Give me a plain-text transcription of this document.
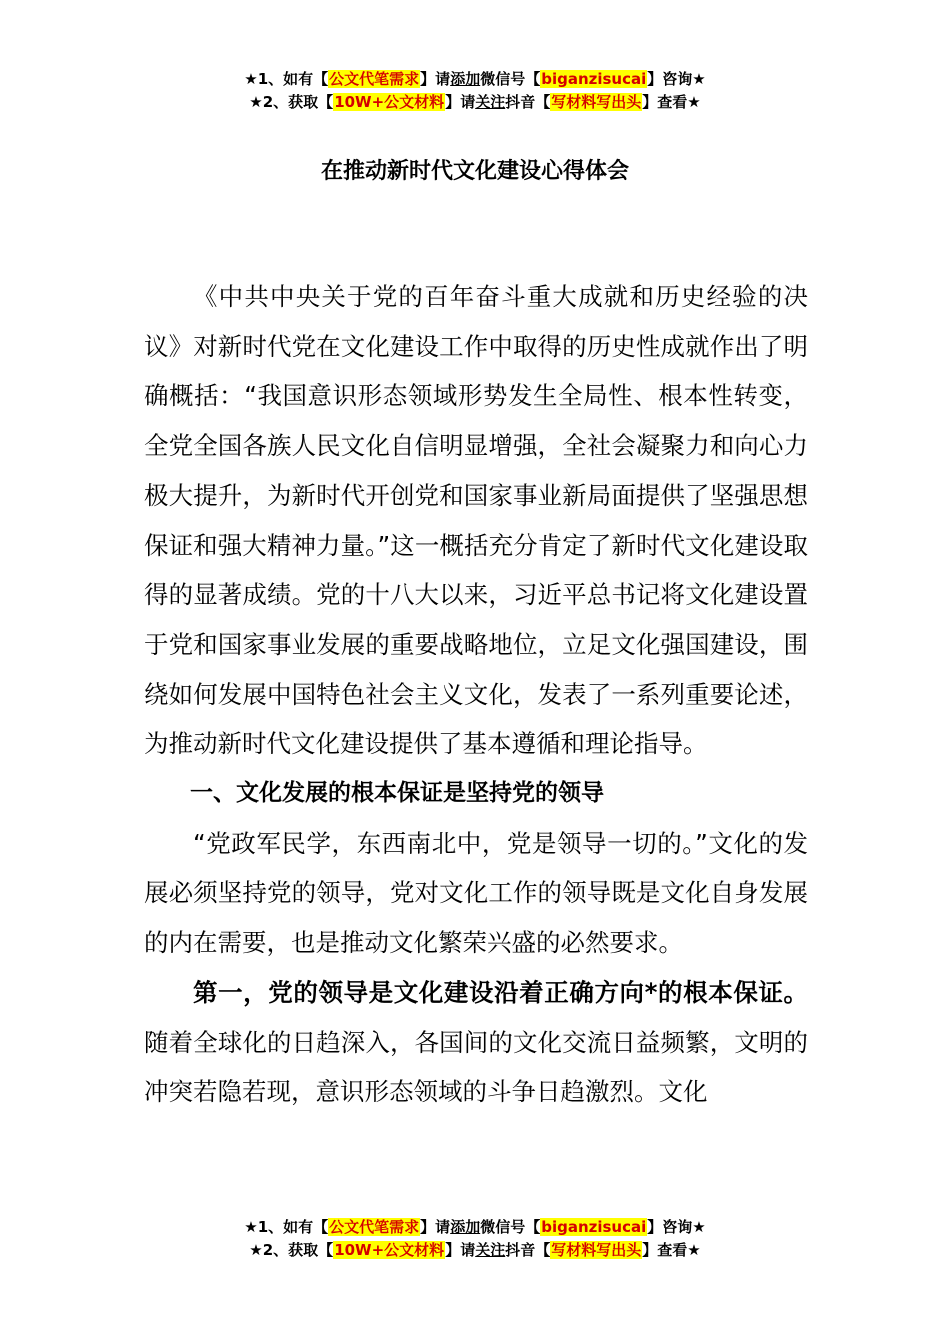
★1、如有【公文代笔需求】请添加微信号【biganzisucai】咨询★
★2、获取【10W+公文材料】请关注抖音【写材料写出头】查看★
在推动新时代文化建设心得体会

《中共中央关于党的百年奋斗重大成就和历史经验的决议》对新时代党在文化建设工作中取得的历史性成就作出了明确概括：“我国意识形态领域形势发生全局性、根本性转变，全党全国各族人民文化自信明显增强，全社会凝聚力和向心力极大提升，为新时代开创党和国家事业新局面提供了坚强思想保证和强大精神力量。”这一概括充分肯定了新时代文化建设取得的显著成绩。党的十八大以来，习近平总书记将文化建设置于党和国家事业发展的重要战略地位，立足文化强国建设，围绕如何发展中国特色社会主义文化，发表了一系列重要论述，为推动新时代文化建设提供了基本遵循和理论指导。

一、文化发展的根本保证是坚持党的领导

“党政军民学，东西南北中，党是领导一切的。”文化的发展必须坚持党的领导，党对文化工作的领导既是文化自身发展的内在需要，也是推动文化繁荣兴盛的必然要求。

第一，党的领导是文化建设沿着正确方向*的根本保证。随着全球化的日趋深入，各国间的文化交流日益频繁，文明的冲突若隐若现，意识形态领域的斗争日趋激烈。文化

★1、如有【公文代笔需求】请添加微信号【biganzisucai】咨询★
★2、获取【10W+公文材料】请关注抖音【写材料写出头】查看★
